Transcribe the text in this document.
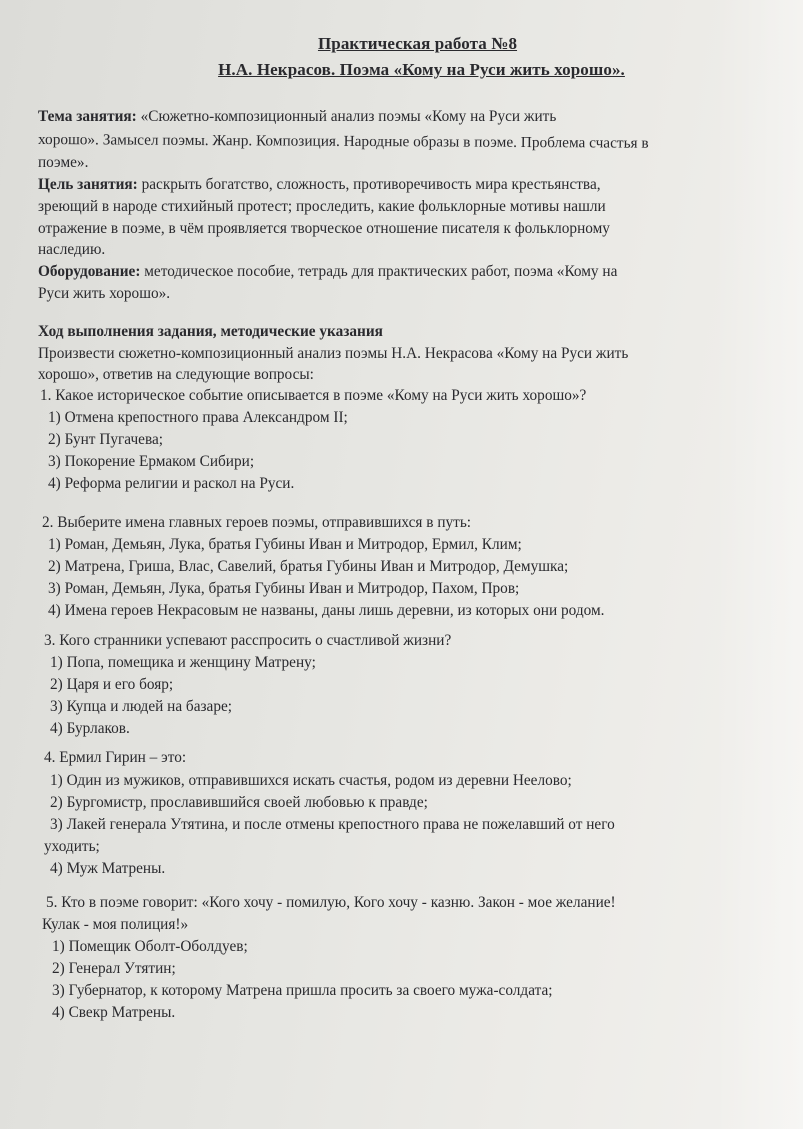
Практическая работа №8
Н.А. Некрасов. Поэма «Кому на Руси жить хорошо».
Тема занятия: «Сюжетно-композиционный анализ поэмы «Кому на Руси жить
хорошо». Замысел поэмы. Жанр. Композиция. Народные образы в поэме. Проблема счастья в
поэме».
Цель занятия: раскрыть богатство, сложность, противоречивость мира крестьянства,
зреющий в народе стихийный протест; проследить, какие фольклорные мотивы нашли
отражение в поэме, в чём проявляется творческое отношение писателя к фольклорному
наследию.
Оборудование: методическое пособие, тетрадь для практических работ, поэма «Кому на
Руси жить хорошо».
Ход выполнения задания, методические указания
Произвести сюжетно-композиционный анализ поэмы Н.А. Некрасова «Кому на Руси жить
хорошо», ответив на следующие вопросы:
1. Какое историческое событие описывается в поэме «Кому на Руси жить хорошо»?
1) Отмена крепостного права Александром II;
2) Бунт Пугачева;
3) Покорение Ермаком Сибири;
4) Реформа религии и раскол на Руси.
2. Выберите имена главных героев поэмы, отправившихся в путь:
1) Роман, Демьян, Лука, братья Губины Иван и Митродор, Ермил, Клим;
2) Матрена, Гриша, Влас, Савелий, братья Губины Иван и Митродор, Демушка;
3) Роман, Демьян, Лука, братья Губины Иван и Митродор, Пахом, Пров;
4) Имена героев Некрасовым не названы, даны лишь деревни, из которых они родом.
3. Кого странники успевают расспросить о счастливой жизни?
1) Попа, помещика и женщину Матрену;
2) Царя и его бояр;
3) Купца и людей на базаре;
4) Бурлаков.
4. Ермил Гирин – это:
1) Один из мужиков, отправившихся искать счастья, родом из деревни Неелово;
2) Бургомистр, прославившийся своей любовью к правде;
3) Лакей генерала Утятина, и после отмены крепостного права не пожелавший от него
уходить;
4) Муж Матрены.
5. Кто в поэме говорит: «Кого хочу - помилую, Кого хочу - казню. Закон - мое желание!
Кулак - моя полиция!»
1) Помещик Оболт-Оболдуев;
2) Генерал Утятин;
3) Губернатор, к которому Матрена пришла просить за своего мужа-солдата;
4) Свекр Матрены.
